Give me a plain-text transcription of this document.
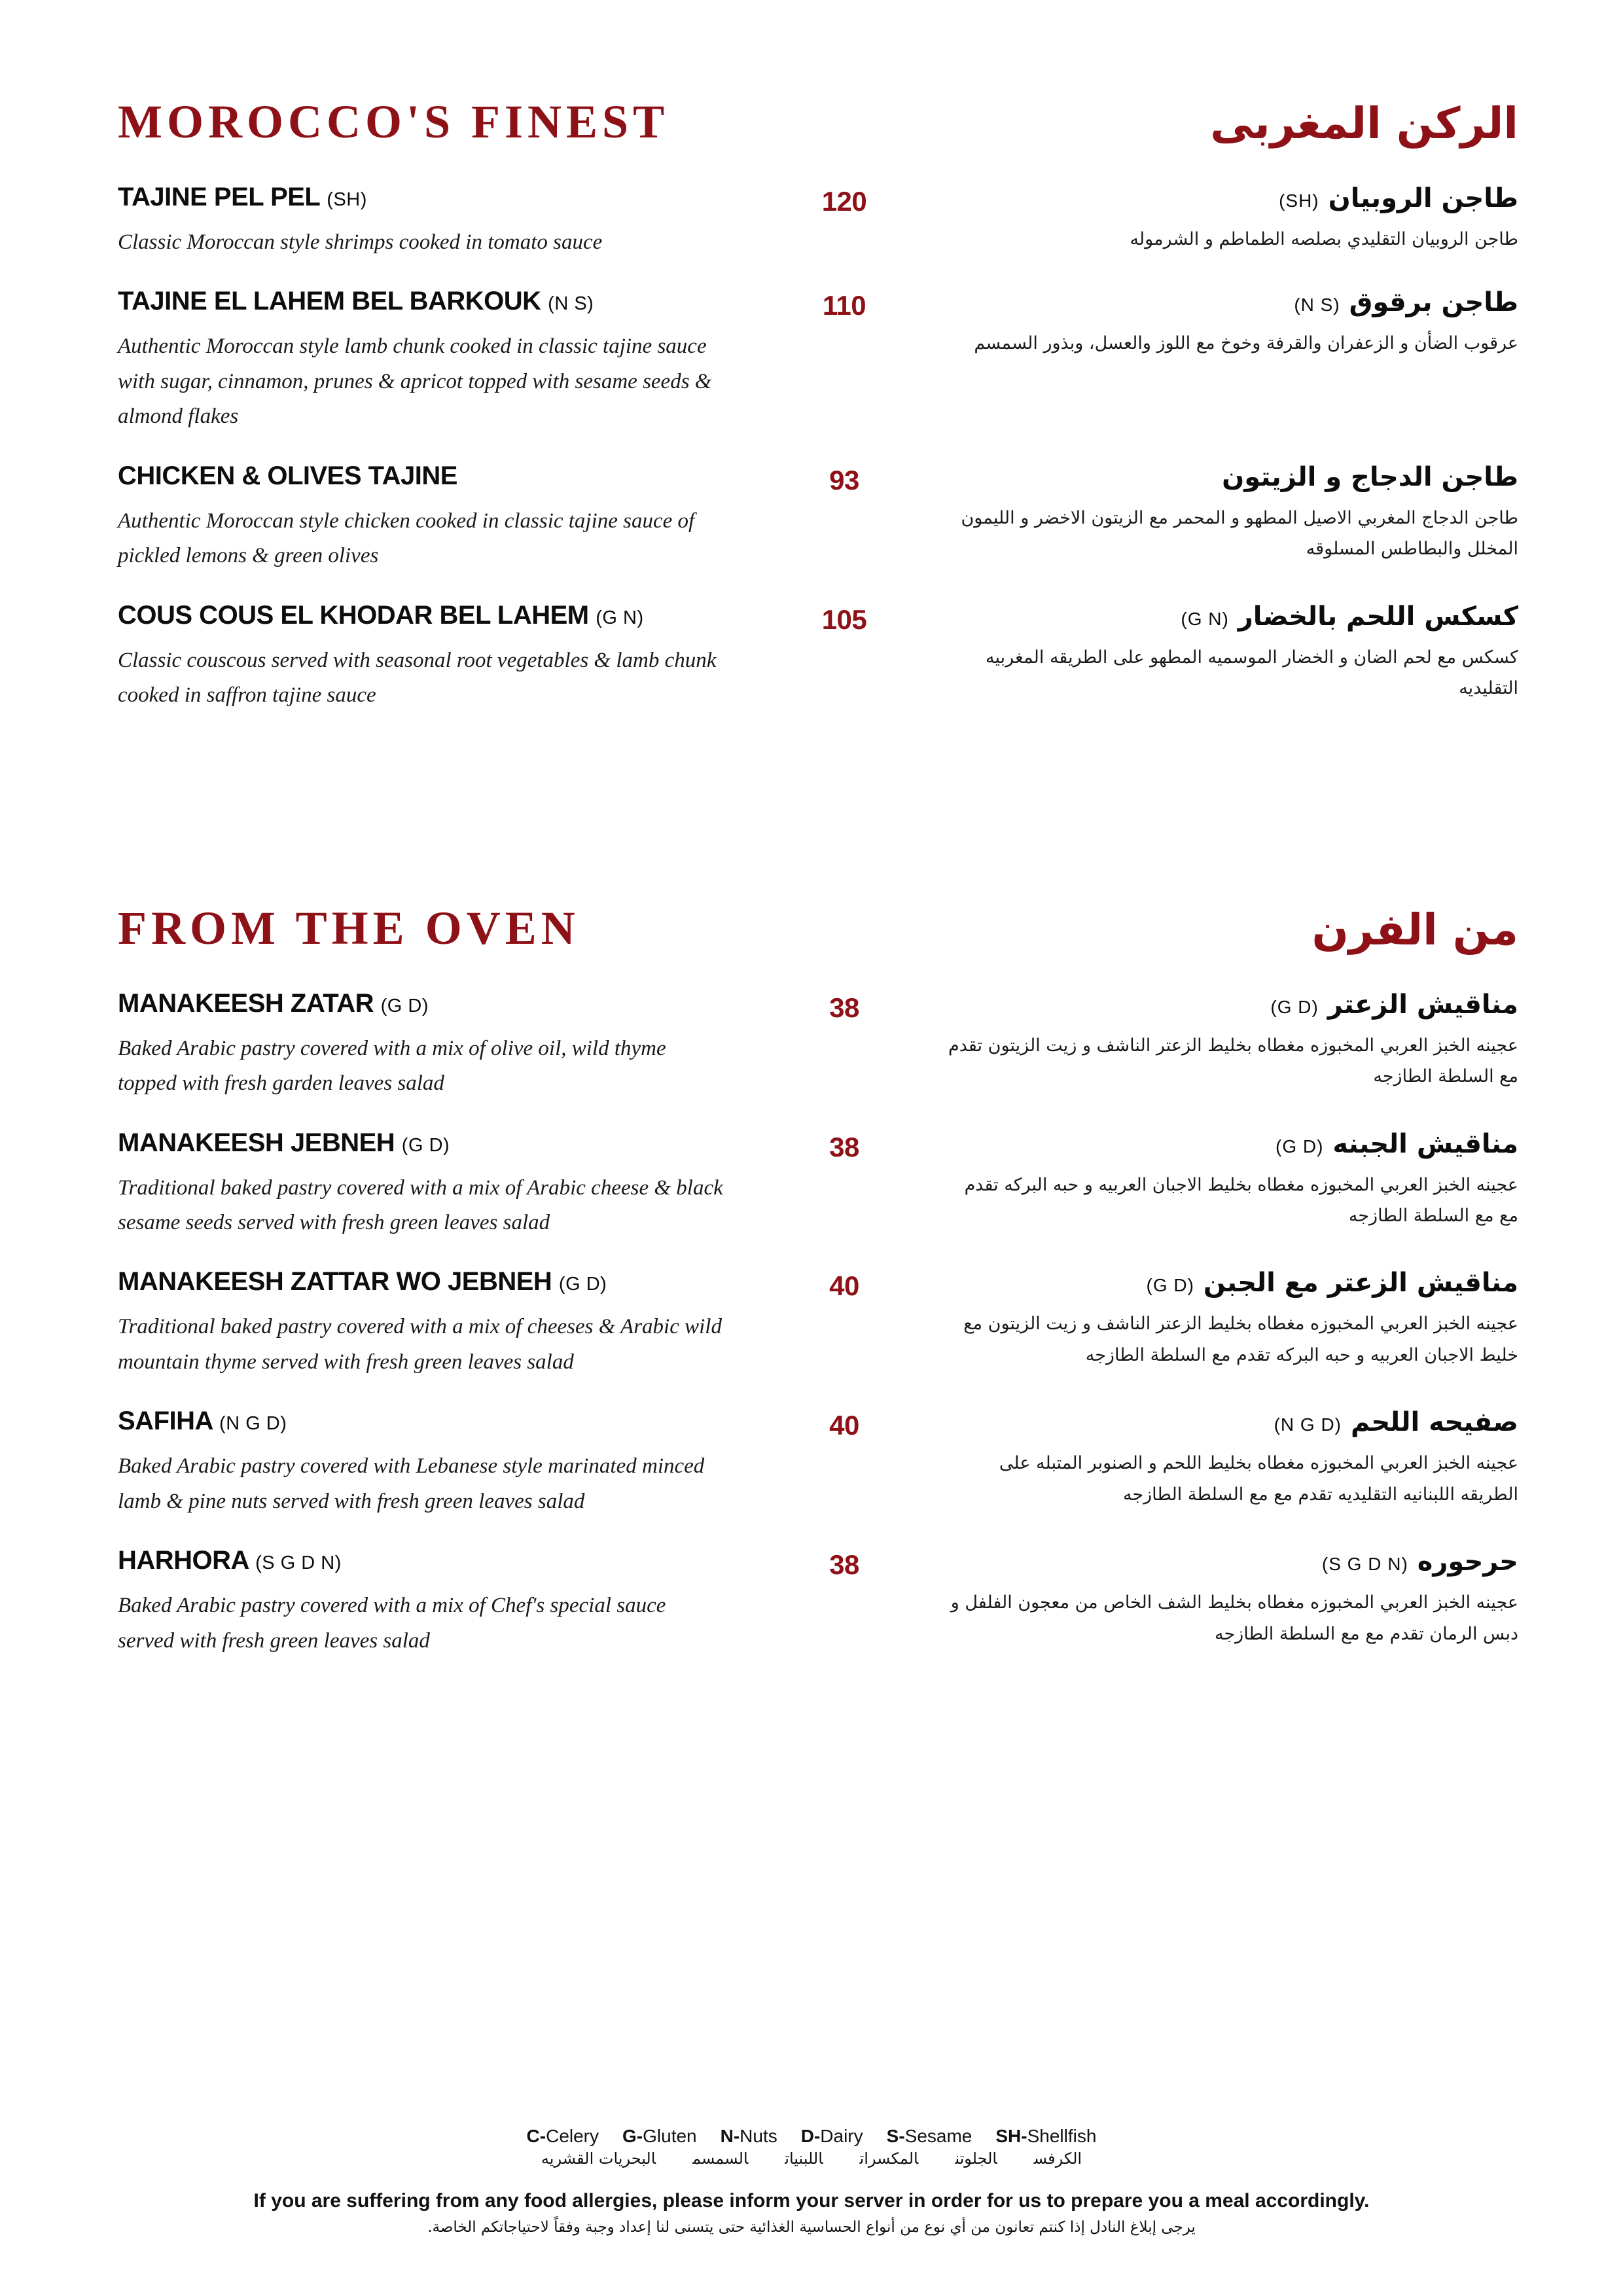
MOROCCO'S FINEST	الركن المغربى
TAJINE PEL PEL (SH)
Classic Moroccan style shrimps cooked in tomato sauce
120	طاجن الروبيان (SH)
طاجن الروبيان التقليدي بصلصه الطماطم و الشرموله
TAJINE EL LAHEM BEL BARKOUK (N S)
Authentic Moroccan style lamb chunk cooked in classic tajine sauce with sugar, cinnamon, prunes & apricot topped with sesame seeds & almond flakes
110	طاجن برقوق (N S)
عرقوب الضأن و الزعفران والقرفة وخوخ مع اللوز والعسل، وبذور السمسم
CHICKEN & OLIVES TAJINE
Authentic Moroccan style chicken cooked in classic tajine sauce of pickled lemons & green olives
93	طاجن الدجاج و الزيتون
طاجن الدجاج المغربي الاصيل المطهو و المحمر مع الزيتون الاخضر و الليمون المخلل والبطاطس المسلوقه
COUS COUS EL KHODAR BEL LAHEM (G N)
Classic couscous served with seasonal root vegetables & lamb chunk cooked in saffron tajine sauce
105	كسكس اللحم بالخضار (G N)
كسكس مع لحم الضان و الخضار الموسميه المطهو على الطريقه المغربيه التقليديه
FROM THE OVEN	من الفرن
MANAKEESH ZATAR (G D)
Baked Arabic pastry covered with a mix of olive oil, wild thyme topped with fresh garden leaves salad
38	مناقيش الزعتر (G D)
عجينه الخبز العربي المخبوزه مغطاه بخليط الزعتر الناشف و زيت الزيتون تقدم مع السلطة الطازجه
MANAKEESH JEBNEH (G D)
Traditional baked pastry covered with a mix of Arabic cheese & black sesame seeds served with fresh green leaves salad
38	مناقيش الجبنه (G D)
عجينه الخبز العربي المخبوزه مغطاه بخليط الاجبان العربيه و حبه البركه تقدم مع مع السلطة الطازجه
MANAKEESH ZATTAR WO JEBNEH (G D)
Traditional baked pastry covered with a mix of cheeses & Arabic wild mountain thyme served with fresh green leaves salad
40	مناقيش الزعتر مع الجبن (G D)
عجينه الخبز العربي المخبوزه مغطاه بخليط الزعتر الناشف و زيت الزيتون مع خليط الاجبان العربيه و حبه البركه تقدم مع السلطة الطازجه
SAFIHA (N G D)
Baked Arabic pastry covered with Lebanese style marinated minced lamb & pine nuts served with fresh green leaves salad
40	صفيحه اللحم (N G D)
عجينه الخبز العربي المخبوزه مغطاه بخليط اللحم و الصنوبر المتبله على الطريقه اللبنانيه التقليديه تقدم مع مع السلطة الطازجه
HARHORA (S G D N)
Baked Arabic pastry covered with a mix of Chef's special sauce served with fresh green leaves salad
38	حرحوره (S G D N)
عجينه الخبز العربي المخبوزه مغطاه بخليط الشف الخاص من معجون الفلفل و دبس الرمان تقدم مع مع السلطة الطازجه
C-Celery G-Gluten N-Nuts D-Dairy S-Sesame SH-Shellfish
الكرفسالجلوتنالمكسراتاللبنياتالسمسمالبحريات القشريه
If you are suffering from any food allergies, please inform your server in order for us to prepare you a meal accordingly.
يرجى إبلاغ النادل إذا كنتم تعانون من أي نوع من أنواع الحساسية الغذائية حتى يتسنى لنا إعداد وجبة وفقاً لاحتياجاتكم الخاصة.
